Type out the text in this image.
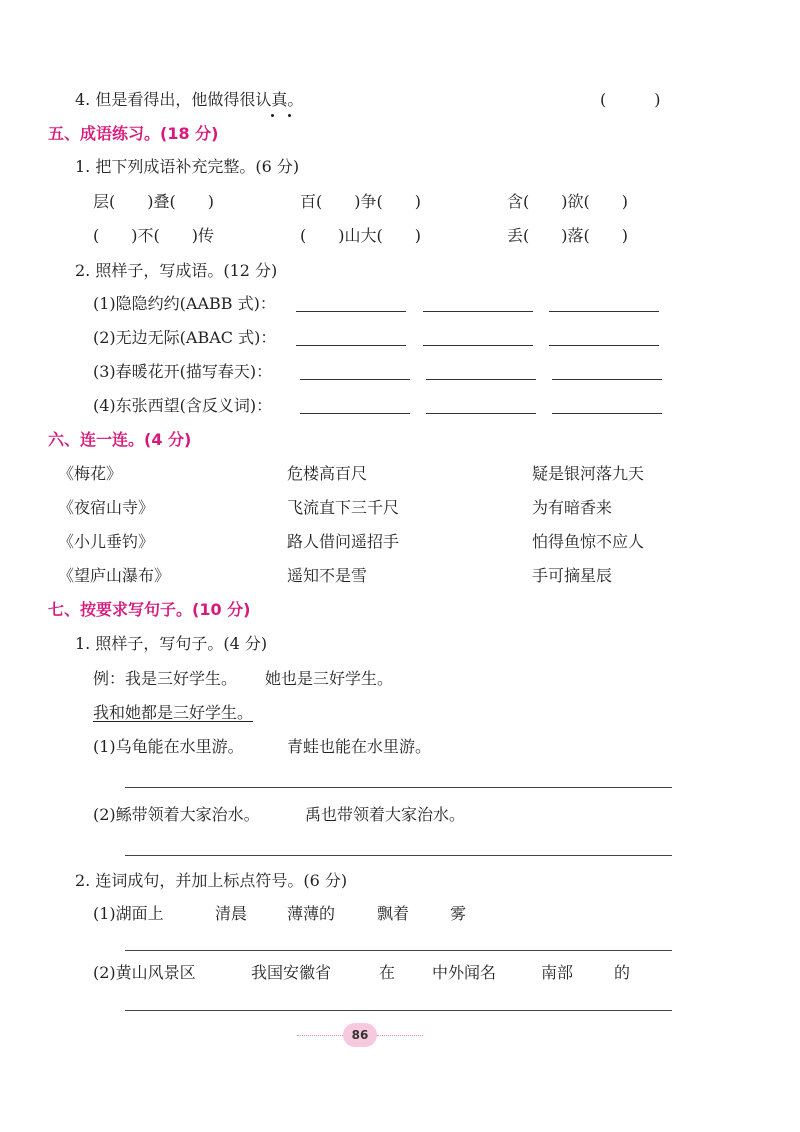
4. 但是看得出，他做得很认真。	(　　　)
五、成语练习。(18 分)
1. 把下列成语补充完整。(6 分)
层(　　)叠(　　)	百(　　)争(　　)	含(　　)欲(　　)
(　　)不(　　)传	(　　)山大(　　)	丢(　　)落(　　)
2. 照样子，写成语。(12 分)
(1)隐隐约约(AABB 式)：
(2)无边无际(ABAC 式)：
(3)春暖花开(描写春天)：
(4)东张西望(含反义词)：
六、连一连。(4 分)
《梅花》	危楼高百尺	疑是银河落九天
《夜宿山寺》	飞流直下三千尺	为有暗香来
《小儿垂钓》	路人借问遥招手	怕得鱼惊不应人
《望庐山瀑布》	遥知不是雪	手可摘星辰
七、按要求写句子。(10 分)
1. 照样子，写句子。(4 分)
例：我是三好学生。 她也是三好学生。
我和她都是三好学生。
(1)乌龟能在水里游。	青蛙也能在水里游。
(2)鲧带领着大家治水。	禹也带领着大家治水。
2. 连词成句，并加上标点符号。(6 分)
(1)湖面上	清晨 薄薄的	飘着	雾
(2)黄山风景区	我国安徽省	在 中外闻名	南部	的
86
